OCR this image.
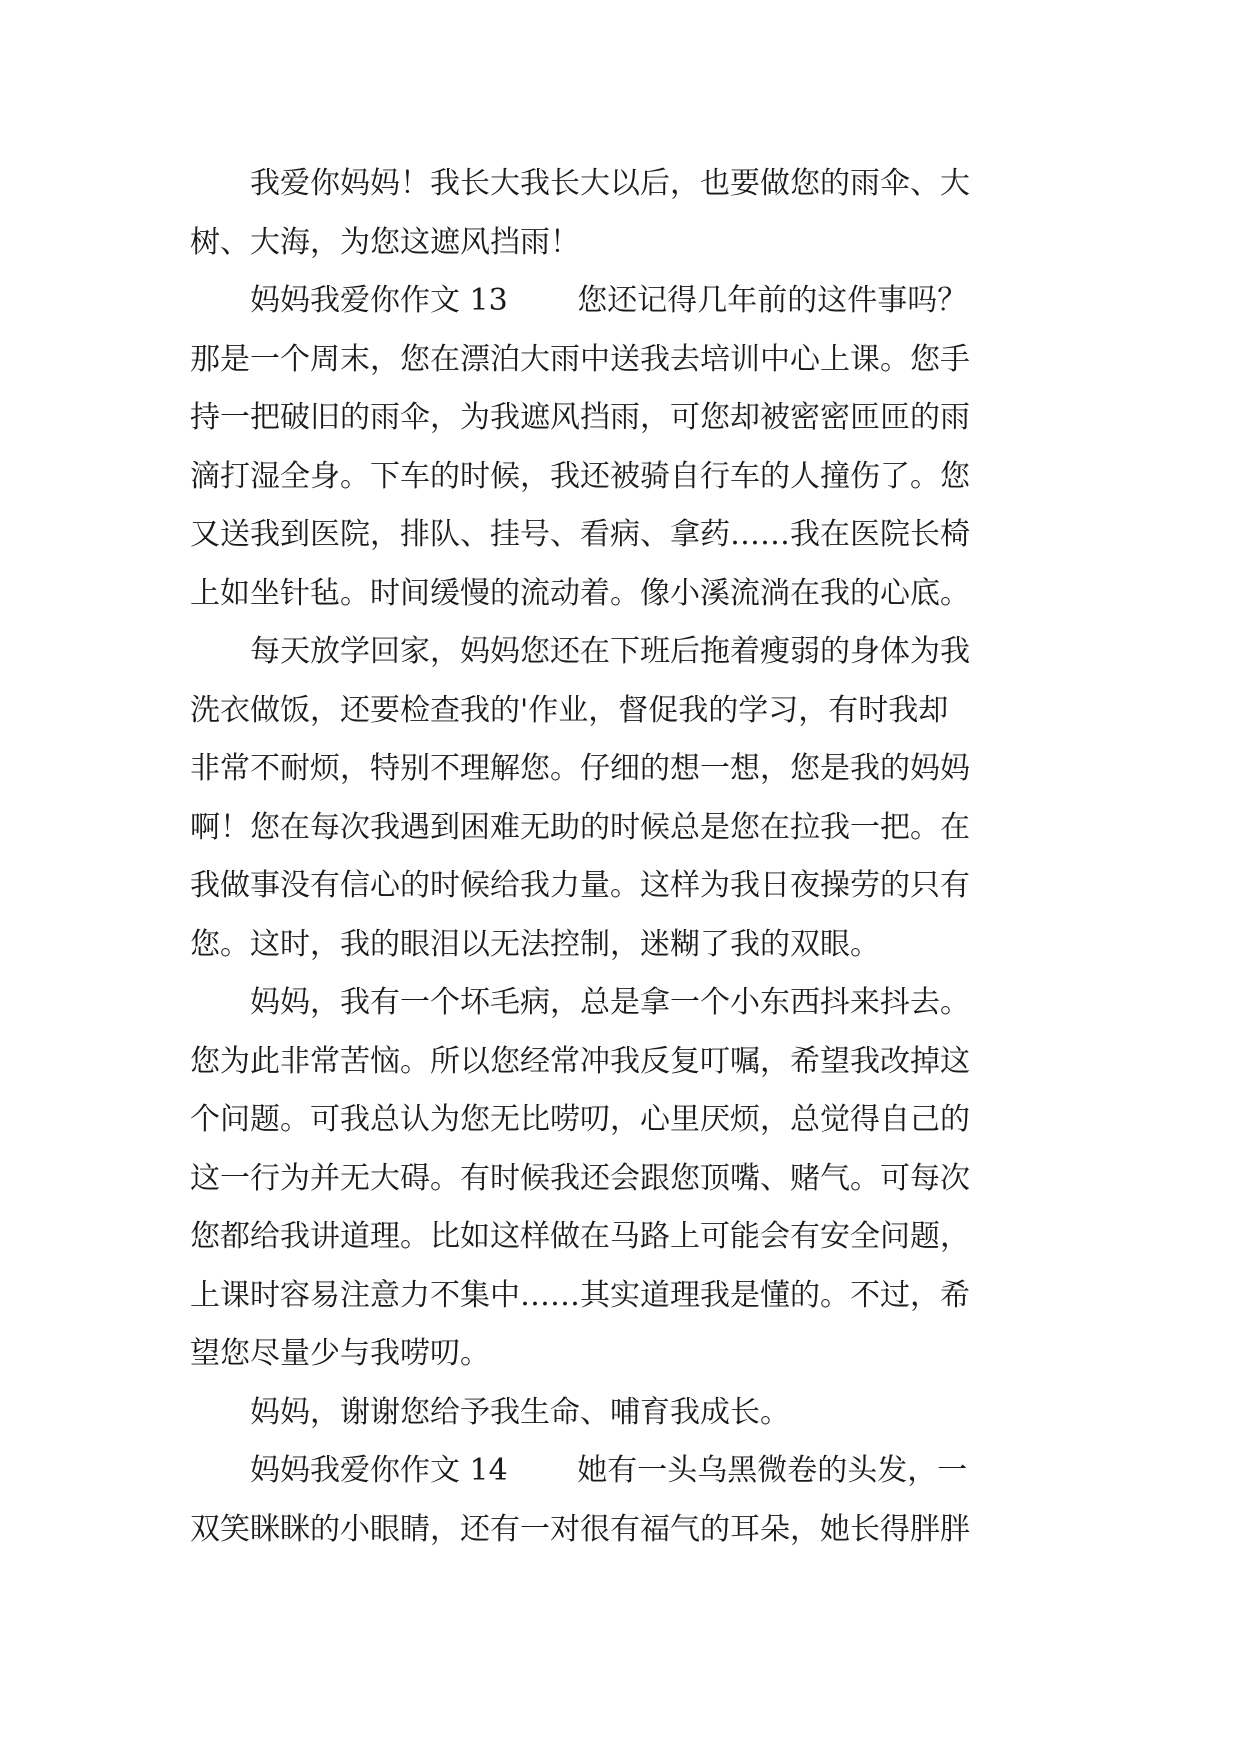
　　我爱你妈妈！我长大我长大以后，也要做您的雨伞、大
树、大海，为您这遮风挡雨！
　　妈妈我爱你作文 13　　 您还记得几年前的这件事吗？
那是一个周末，您在漂泊大雨中送我去培训中心上课。您手
持一把破旧的雨伞，为我遮风挡雨，可您却被密密匝匝的雨
滴打湿全身。下车的时候，我还被骑自行车的人撞伤了。您
又送我到医院，排队、挂号、看病、拿药……我在医院长椅
上如坐针毡。时间缓慢的流动着。像小溪流淌在我的心底。
　　每天放学回家，妈妈您还在下班后拖着瘦弱的身体为我
洗衣做饭，还要检查我的'作业，督促我的学习，有时我却
非常不耐烦，特别不理解您。仔细的想一想，您是我的妈妈
啊！您在每次我遇到困难无助的时候总是您在拉我一把。在
我做事没有信心的时候给我力量。这样为我日夜操劳的只有
您。这时，我的眼泪以无法控制，迷糊了我的双眼。
　　妈妈，我有一个坏毛病，总是拿一个小东西抖来抖去。
您为此非常苦恼。所以您经常冲我反复叮嘱，希望我改掉这
个问题。可我总认为您无比唠叨，心里厌烦，总觉得自己的
这一行为并无大碍。有时候我还会跟您顶嘴、赌气。可每次
您都给我讲道理。比如这样做在马路上可能会有安全问题，
上课时容易注意力不集中……其实道理我是懂的。不过，希
望您尽量少与我唠叨。
　　妈妈，谢谢您给予我生命、哺育我成长。
　　妈妈我爱你作文 14　　 她有一头乌黑微卷的头发，一
双笑眯眯的小眼睛，还有一对很有福气的耳朵，她长得胖胖
